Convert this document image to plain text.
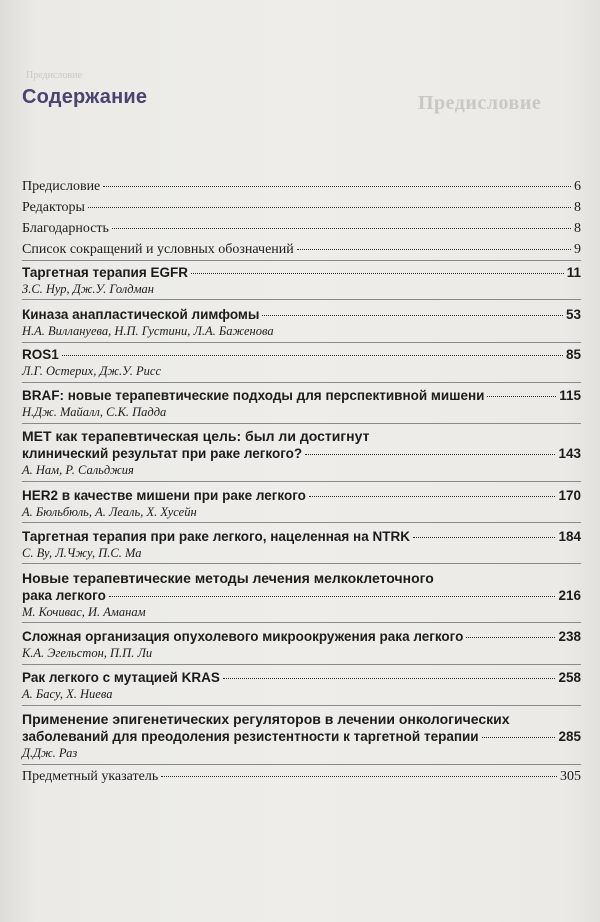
Предисловие
Предисловие
Содержание
Предисловие	6
Редакторы	8
Благодарность	8
Список сокращений и условных обозначений	9
Таргетная терапия EGFR	11
З.С. Нур, Дж.У. Голдман
Киназа анапластической лимфомы	53
Н.А. Виллануева, Н.П. Густини, Л.А. Баженова
ROS1	85
Л.Г. Остерих, Дж.У. Рисс
BRAF: новые терапевтические подходы для перспективной мишени	115
Н.Дж. Майалл, С.К. Падда
МЕТ как терапевтическая цель: был ли достигнут
клинический результат при раке легкого?	143
А. Нам, Р. Сальджия
HER2 в качестве мишени при раке легкого	170
А. Бюльбюль, А. Леаль, Х. Хусейн
Таргетная терапия при раке легкого, нацеленная на NTRK	184
С. Ву, Л.Чжу, П.С. Ма
Новые терапевтические методы лечения мелкоклеточного
рака легкого	216
М. Кочивас, И. Аманам
Сложная организация опухолевого микроокружения рака легкого	238
К.А. Эгельстон, П.П. Ли
Рак легкого с мутацией KRAS	258
А. Басу, Х. Ниева
Применение эпигенетических регуляторов в лечении онкологических
заболеваний для преодоления резистентности к таргетной терапии	285
Д.Дж. Раз
Предметный указатель	305
